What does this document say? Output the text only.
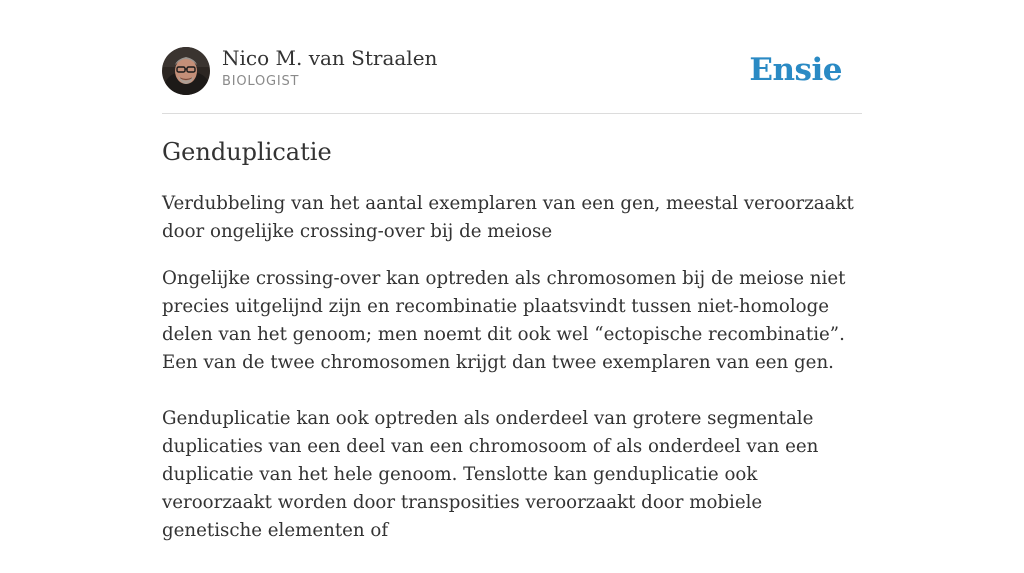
Nico M. van Straalen
BIOLOGIST	Ensie
Genduplicatie

Verdubbeling van het aantal exemplaren van een gen, meestal veroorzaakt door ongelijke crossing-over bij de meiose

Ongelijke crossing-over kan optreden als chromosomen bij de meiose niet precies uitgelijnd zijn en recombinatie plaatsvindt tussen niet-homologe delen van het genoom; men noemt dit ook wel “ectopische recombinatie”. Een van de twee chromosomen krijgt dan twee exemplaren van een gen.

Genduplicatie kan ook optreden als onderdeel van grotere segmentale duplicaties van een deel van een chromosoom of als onderdeel van een duplicatie van het hele genoom. Tenslotte kan genduplicatie ook veroorzaakt worden door transposities veroorzaakt door mobiele genetische elementen of
